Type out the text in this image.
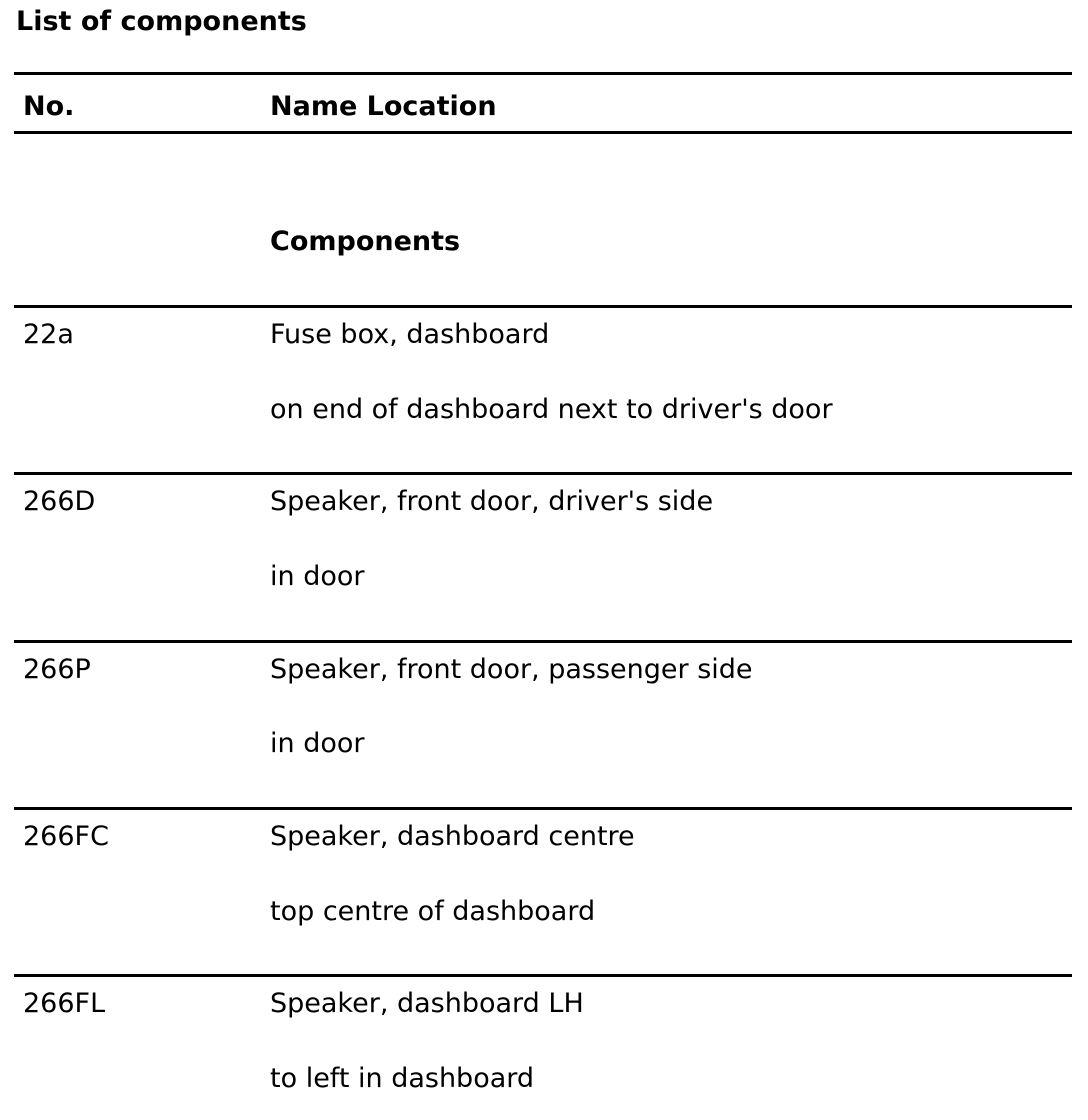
List of components
No.	Name Location
Components
22a	Fuse box, dashboard
on end of dashboard next to driver's door
266D	Speaker, front door, driver's side
in door
266P	Speaker, front door, passenger side
in door
266FC	Speaker, dashboard centre
top centre of dashboard
266FL	Speaker, dashboard LH
to left in dashboard
